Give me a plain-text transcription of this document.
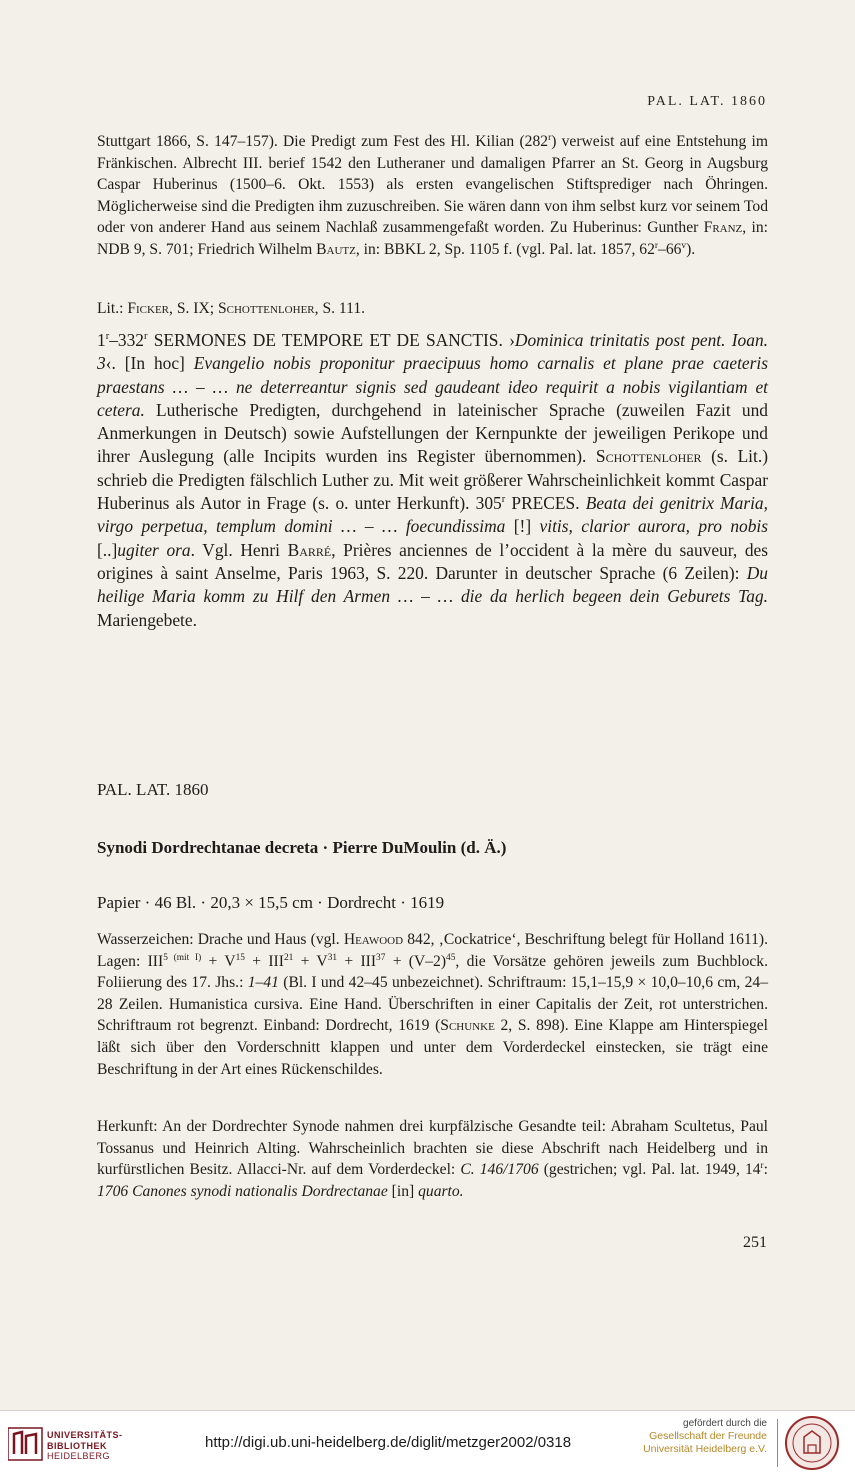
PAL. LAT. 1860
Stuttgart 1866, S. 147–157). Die Predigt zum Fest des Hl. Kilian (282$^r$) verweist auf eine Entstehung im Fränkischen. Albrecht III. berief 1542 den Lutheraner und damaligen Pfarrer an St. Georg in Augsburg Caspar Huberinus (1500–6. Okt. 1553) als ersten evangelischen Stiftsprediger nach Öhringen. Möglicherweise sind die Predigten ihm zuzuschreiben. Sie wären dann von ihm selbst kurz vor seinem Tod oder von anderer Hand aus seinem Nachlaß zusammengefaßt worden. Zu Huberinus: Gunther Franz, in: NDB 9, S. 701; Friedrich Wilhelm Bautz, in: BBKL 2, Sp. 1105 f. (vgl. Pal. lat. 1857, 62$^r$–66$^v$).
Lit.: Ficker, S. IX; Schottenloher, S. 111.
1$^r$–332$^r$ SERMONES DE TEMPORE ET DE SANCTIS. ›Dominica trinitatis post pent. Ioan. 3‹. [In hoc] Evangelio nobis proponitur praecipuus homo carnalis et plane prae caeteris praestans … – … ne deterreantur signis sed gaudeant ideo requirit a nobis vigilantiam et cetera. Lutherische Predigten, durchgehend in lateinischer Sprache (zuweilen Fazit und Anmerkungen in Deutsch) sowie Aufstellungen der Kernpunkte der jeweiligen Perikope und ihrer Auslegung (alle Incipits wurden ins Register übernommen). Schottenloher (s. Lit.) schrieb die Predigten fälschlich Luther zu. Mit weit größerer Wahrscheinlichkeit kommt Caspar Huberinus als Autor in Frage (s. o. unter Herkunft). 305$^r$ PRECES. Beata dei genitrix Maria, virgo perpetua, templum domini … – … foecundissima [!] vitis, clarior aurora, pro nobis [..]ugiter ora. Vgl. Henri Barré, Prières anciennes de l’occident à la mère du sauveur, des origines à saint Anselme, Paris 1963, S. 220. Darunter in deutscher Sprache (6 Zeilen): Du heilige Maria komm zu Hilf den Armen … – … die da herlich begeen dein Geburets Tag. Mariengebete.
PAL. LAT. 1860
Synodi Dordrechtanae decreta · Pierre DuMoulin (d. Ä.)
Papier · 46 Bl. · 20,3 × 15,5 cm · Dordrecht · 1619
Wasserzeichen: Drache und Haus (vgl. Heawood 842, ‚Cockatrice‘, Beschriftung belegt für Holland 1611). Lagen: $III^{5 (mit I)} + V^{15} + III^{21} + V^{31} + III^{37} + (V-2)^{45}$, die Vorsätze gehören jeweils zum Buchblock. Foliierung des 17. Jhs.: 1–41 (Bl. I und 42–45 unbezeichnet). Schriftraum: 15,1–15,9 × 10,0–10,6 cm, 24–28 Zeilen. Humanistica cursiva. Eine Hand. Überschriften in einer Capitalis der Zeit, rot unterstrichen. Schriftraum rot begrenzt. Einband: Dordrecht, 1619 (Schunke 2, S. 898). Eine Klappe am Hinterspiegel läßt sich über den Vorderschnitt klappen und unter dem Vorderdeckel einstecken, sie trägt eine Beschriftung in der Art eines Rückenschildes.
Herkunft: An der Dordrechter Synode nahmen drei kurpfälzische Gesandte teil: Abraham Scultetus, Paul Tossanus und Heinrich Alting. Wahrscheinlich brachten sie diese Abschrift nach Heidelberg und in kurfürstlichen Besitz. Allacci-Nr. auf dem Vorderdeckel: C. 146/1706 (gestrichen; vgl. Pal. lat. 1949, 14$^r$: 1706 Canones synodi nationalis Dordrectanae [in] quarto.
251
UNIVERSITÄTS-
BIBLIOTHEK
HEIDELBERG
http://digi.ub.uni-heidelberg.de/diglit/metzger2002/0318
gefördert durch die
Gesellschaft der Freunde
Universität Heidelberg e.V.
